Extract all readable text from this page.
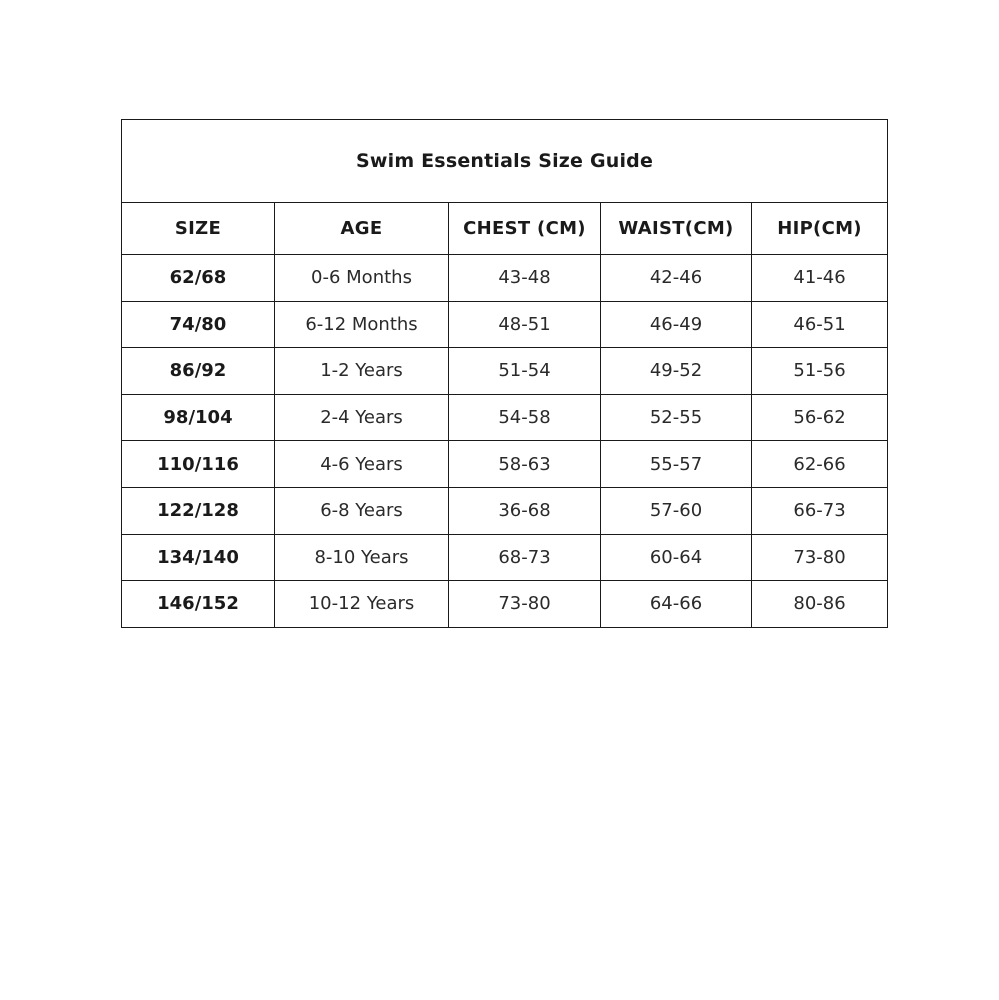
Swim Essentials Size Guide				
SIZE	AGE	CHEST (CM)	WAIST(CM)	HIP(CM)
62/68	0-6 Months	43-48	42-46	41-46
74/80	6-12 Months	48-51	46-49	46-51
86/92	1-2 Years	51-54	49-52	51-56
98/104	2-4 Years	54-58	52-55	56-62
110/116	4-6 Years	58-63	55-57	62-66
122/128	6-8 Years	36-68	57-60	66-73
134/140	8-10 Years	68-73	60-64	73-80
146/152	10-12 Years	73-80	64-66	80-86
